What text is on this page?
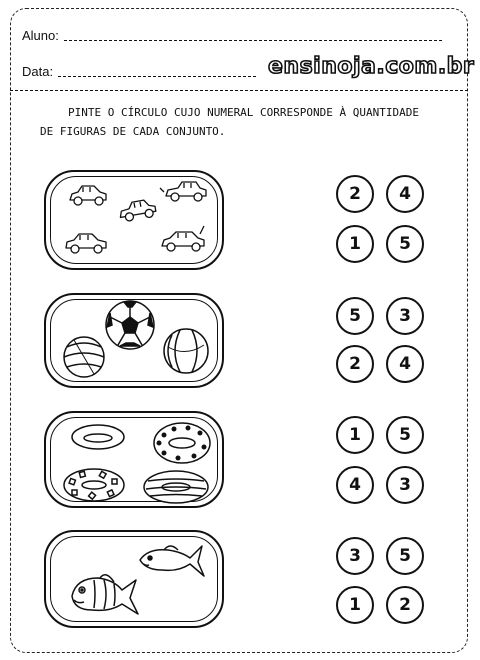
Aluno:
Data:	ensinoja.com.br
PINTE O CÍRCULO CUJO NUMERAL CORRESPONDE À QUANTIDADE
DE FIGURAS DE CADA CONJUNTO.
2	4
1	5
5	3
2	4
1	5
4	3
3	5
1	2
